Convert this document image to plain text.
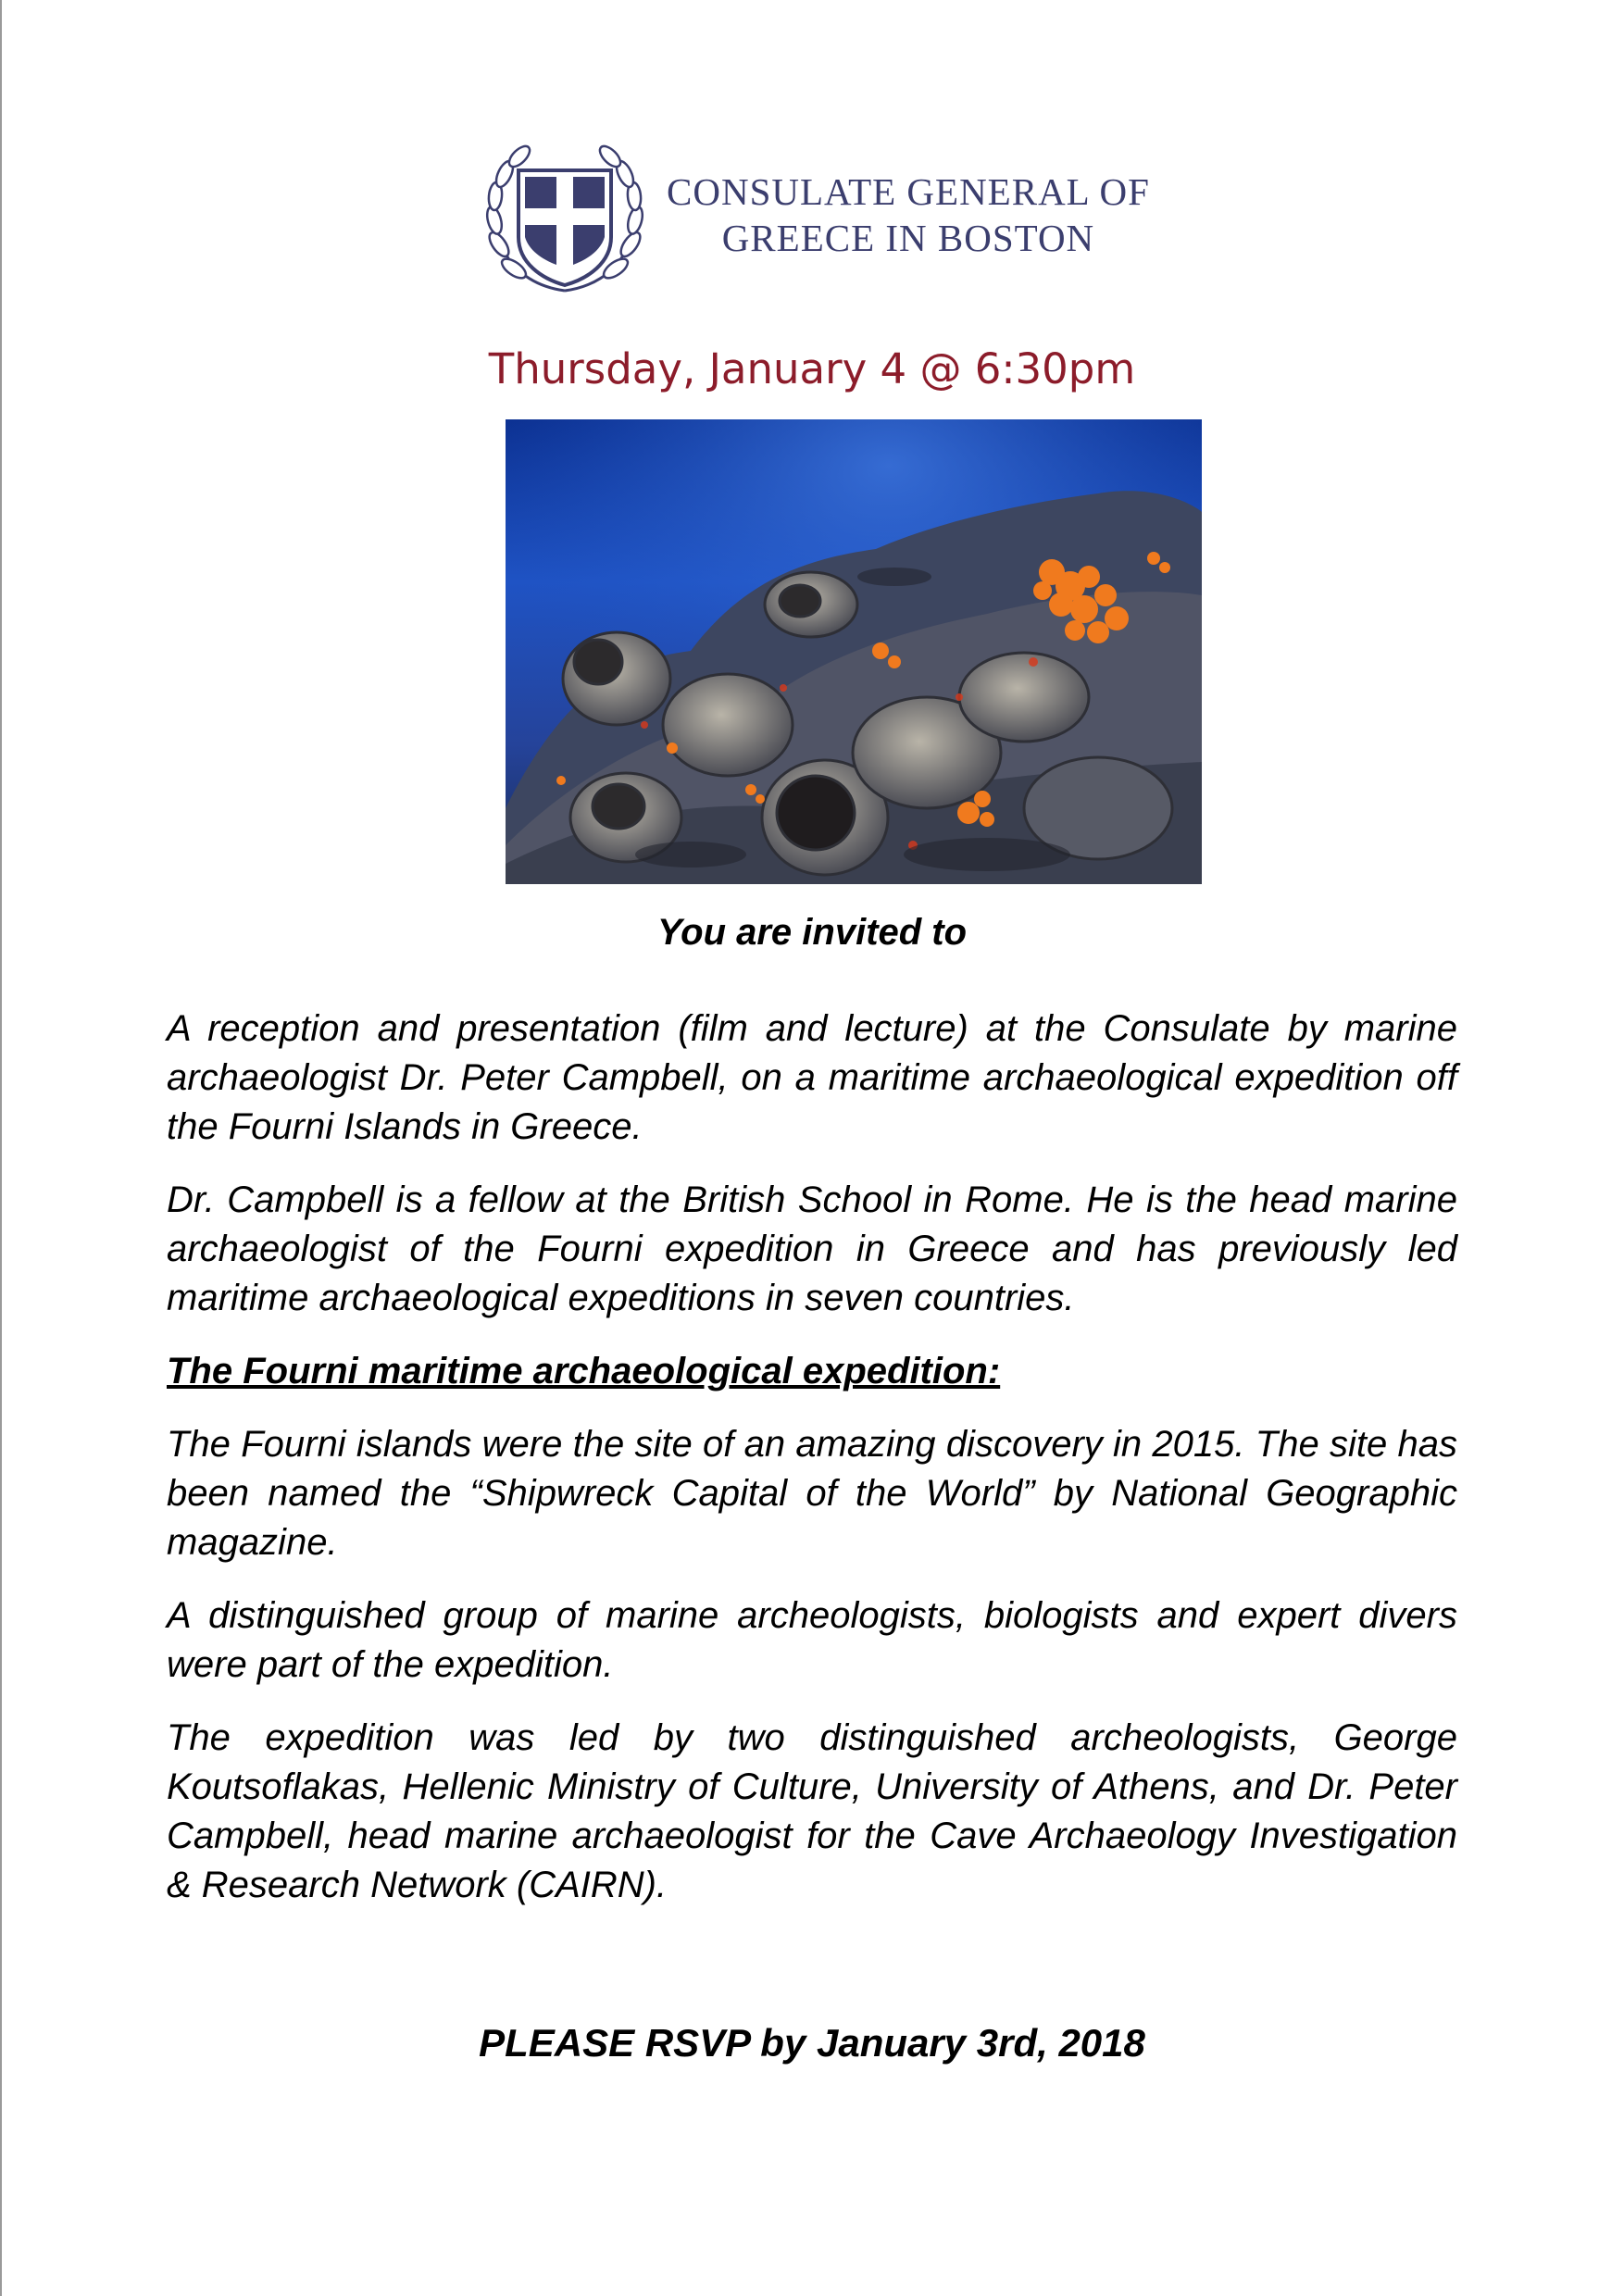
CONSULATE GENERAL OF
GREECE IN BOSTON
Thursday, January 4 @ 6:30pm
You are invited to

A reception and presentation (film and lecture) at the Consulate by marine archaeologist Dr. Peter Campbell, on a maritime archaeological expedition off the Fourni Islands in Greece.

Dr. Campbell is a fellow at the British School in Rome. He is the head marine archaeologist of the Fourni expedition in Greece and has previously led maritime archaeological expeditions in seven countries.

The Fourni maritime archaeological expedition:

The Fourni islands were the site of an amazing discovery in 2015. The site has been named the “Shipwreck Capital of the World” by National Geographic magazine.

A distinguished group of marine archeologists, biologists and expert divers were part of the expedition.

The expedition was led by two distinguished archeologists, George Koutsoflakas, Hellenic Ministry of Culture, University of Athens, and Dr. Peter Campbell, head marine archaeologist for the Cave Archaeology Investigation & Research Network (CAIRN).

PLEASE RSVP by January 3rd, 2018
